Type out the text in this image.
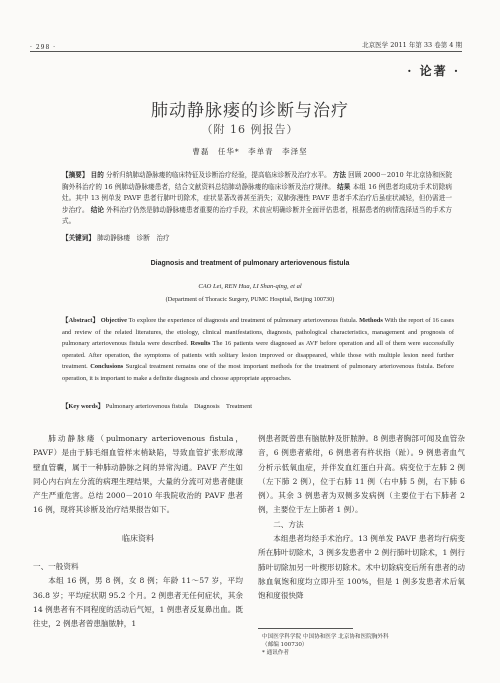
· 298 ·	北京医学 2011 年第 33 卷第 4 期
· 论著 ·
肺动静脉瘘的诊断与治疗
（附 16 例报告）
曹磊　任华*　李单青　李泽坚
【摘要】 目的 分析归纳肺动静脉瘘的临床特征及诊断治疗经验，提高临床诊断及治疗水平。 方法 回顾 2000－2010 年北京协和医院胸外科治疗的 16 例肺动静脉瘘患者，结合文献资料总结肺动静脉瘘的临床诊断及治疗规律。 结果 本组 16 例患者均成功手术切除病灶。其中 13 例单发 PAVF 患者行肺叶切除术，症状显著改善甚至消失；双肺弥漫性 PAVF 患者手术治疗后虽症状减轻，但仍需进一步治疗。 结论 外科治疗仍然是肺动静脉瘘患者重要的治疗手段，术前应明确诊断并全面评估患者，根据患者的病情选择适当的手术方式。
【关键词】 肺动静脉瘘　诊断　治疗
Diagnosis and treatment of pulmonary arteriovenous fistula
CAO Lei, REN Hua, LI Shan-qing, et al
(Department of Thoracic Surgery, PUMC Hospital, Beijing 100730)
【Abstract】 Objective To explore the experience of diagnosis and treatment of pulmonary arteriovenous fistula. Methods With the report of 16 cases and review of the related literatures, the etiology, clinical manifestations, diagnosis, pathological characteristics, management and prognosis of pulmonary arteriovenous fistula were described. Results The 16 patients were diagnosed as AVF before operation and all of them were successfully operated. After operation, the symptoms of patients with solitary lesion improved or disappeared, while those with multiple lesion need further treatment. Conclusions Surgical treatment remains one of the most important methods for the treatment of pulmonary arteriovenous fistula. Before operation, it is important to make a definite diagnosis and choose appropriate approaches.
【Key words】 Pulmonary arteriovenous fistula　Diagnosis　Treatment
肺动静脉瘘（pulmonary arteriovenous fistula，PAVF）是由于肺毛细血管样末梢缺陷，导致血管扩张形成薄壁血管囊，属于一种肺动静脉之间的异常沟通。PAVF 产生如同心内右向左分流的病理生理结果，大量的分流可对患者健康产生严重危害。总结 2000－2010 年我院收治的 PAVF 患者 16 例，现将其诊断及治疗结果报告如下。
临床资料
一、一般资料
本组 16 例，男 8 例，女 8 例；年龄 11～57 岁，平均 36.8 岁；平均症状期 95.2 个月。2 例患者无任何症状，其余 14 例患者有不同程度的活动后气短，1 例患者反复鼻出血。既往史，2 例患者曾患脑脓肿，1
例患者既曾患有脑脓肿及肝脓肿。8 例患者胸部可闻及血管杂音，6 例患者紫绀，6 例患者有杵状指（趾）。9 例患者血气分析示低氧血症，并伴发血红蛋白升高。病变位于左肺 2 例（左下肺 2 例），位于右肺 11 例（右中肺 5 例，右下肺 6 例）。其余 3 例患者为双侧多发病例（主要位于右下肺者 2 例，主要位于左上肺者 1 例）。
二、方法
本组患者均经手术治疗。13 例单发 PAVF 患者均行病变所在肺叶切除术，3 例多发患者中 2 例行肺叶切除术，1 例行肺叶切除加另一叶楔形切除术。术中切除病变后所有患者的动脉血氧饱和度均立即升至 100%，但是 1 例多发患者术后氧饱和度很快降
中国医学科学院 中国协和医学 北京协和医院胸外科
（邮编 100730）
* 通讯作者
